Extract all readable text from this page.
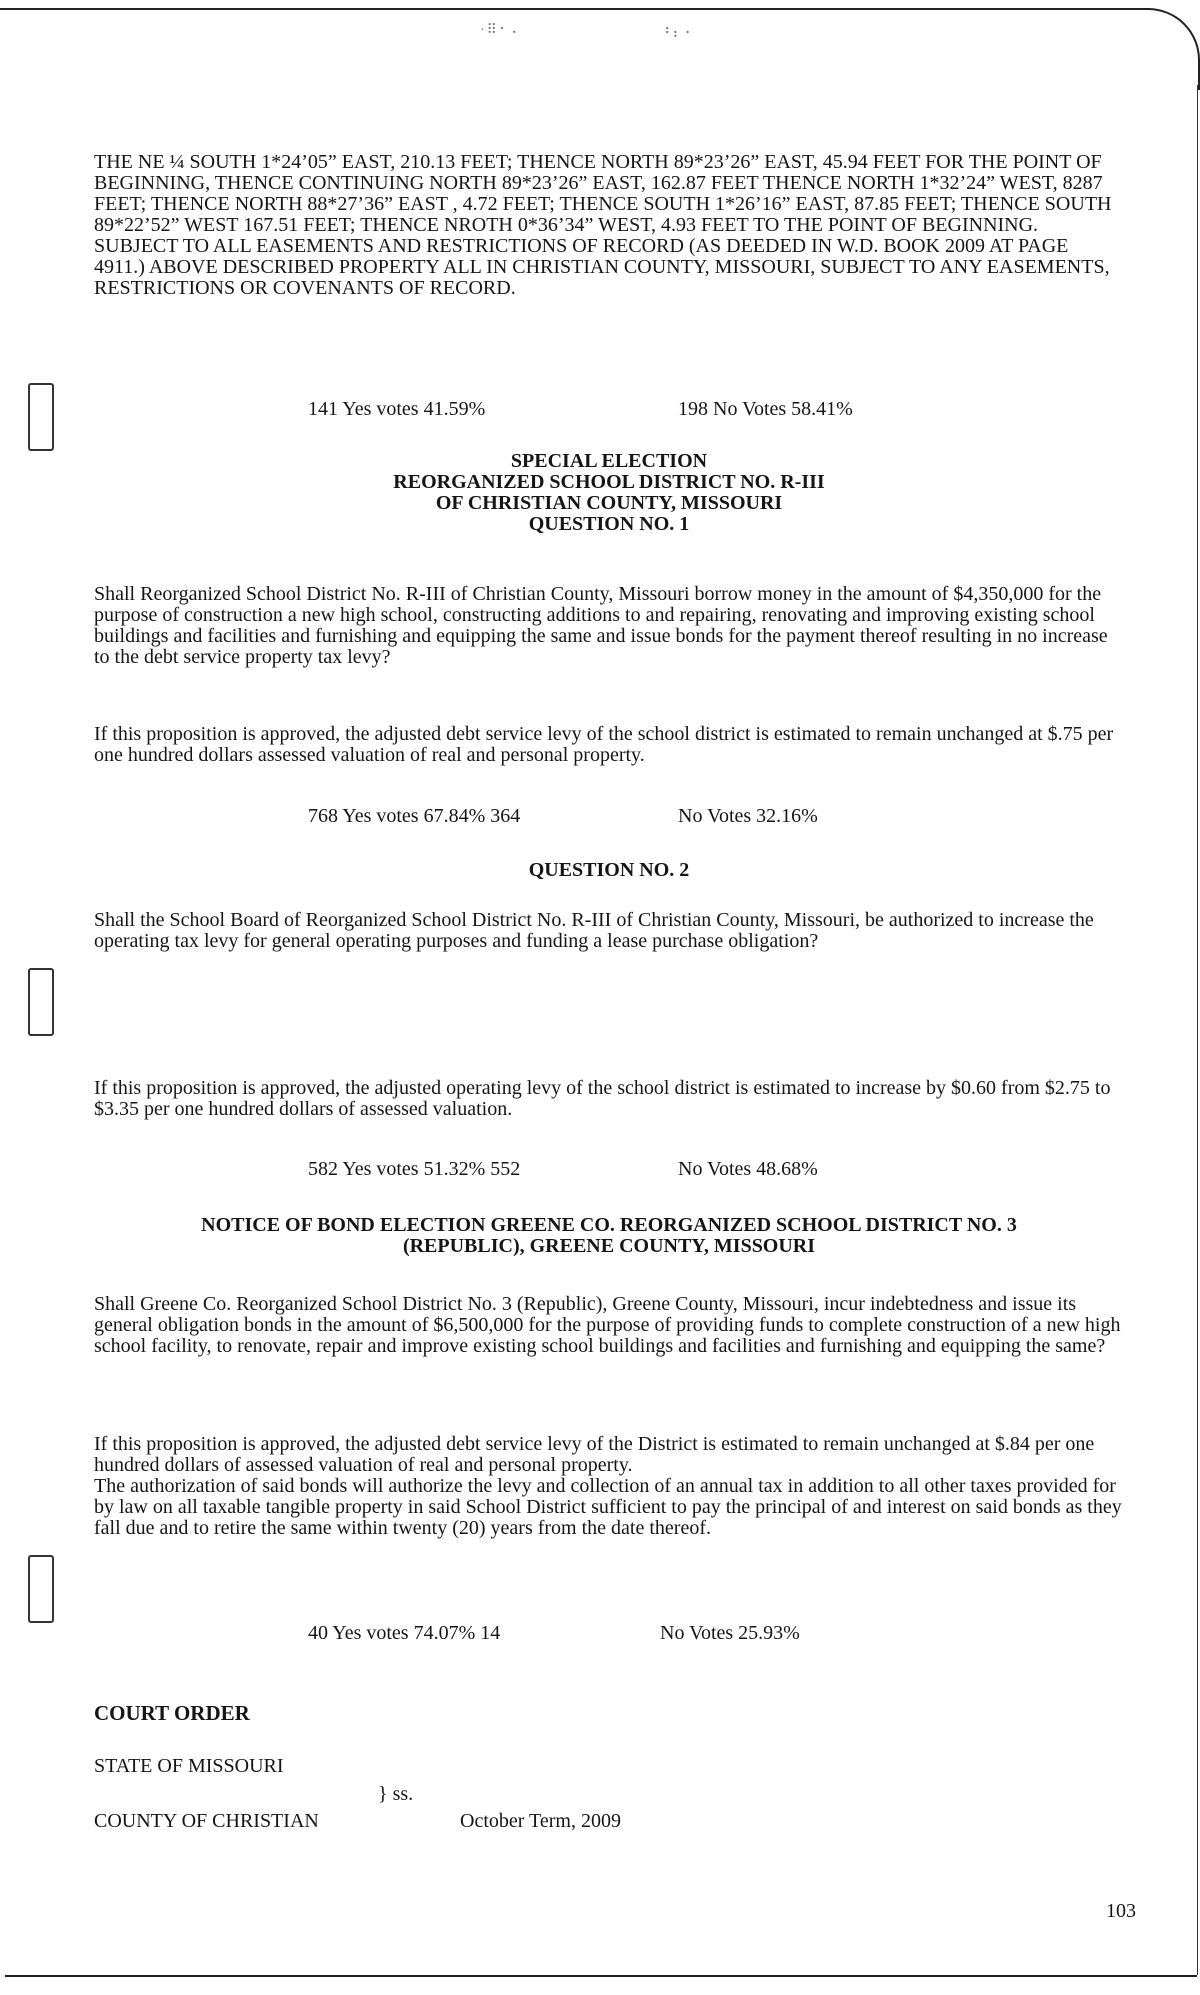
·⠿⠂⠄	⠘⠆⠂

THE NE ¼ SOUTH 1*24’05” EAST, 210.13 FEET; THENCE NORTH 89*23’26” EAST, 45.94 FEET FOR THE POINT OF BEGINNING, THENCE CONTINUING NORTH 89*23’26” EAST, 162.87 FEET THENCE NORTH 1*32’24” WEST, 8287 FEET; THENCE NORTH 88*27’36” EAST , 4.72 FEET; THENCE SOUTH 1*26’16” EAST, 87.85 FEET; THENCE SOUTH 89*22’52” WEST 167.51 FEET; THENCE NROTH 0*36’34” WEST, 4.93 FEET TO THE POINT OF BEGINNING. SUBJECT TO ALL EASEMENTS AND RESTRICTIONS OF RECORD (AS DEEDED IN W.D. BOOK 2009 AT PAGE 4911.) ABOVE DESCRIBED PROPERTY ALL IN CHRISTIAN COUNTY, MISSOURI, SUBJECT TO ANY EASEMENTS, RESTRICTIONS OR COVENANTS OF RECORD.

141 Yes votes 41.59%	198 No Votes 58.41%
SPECIAL ELECTION
REORGANIZED SCHOOL DISTRICT NO. R-III
OF CHRISTIAN COUNTY, MISSOURI
QUESTION NO. 1

Shall Reorganized School District No. R-III of Christian County, Missouri borrow money in the amount of $4,350,000 for the purpose of construction a new high school, constructing additions to and repairing, renovating and improving existing school buildings and facilities and furnishing and equipping the same and issue bonds for the payment thereof resulting in no increase to the debt service property tax levy?

If this proposition is approved, the adjusted debt service levy of the school district is estimated to remain unchanged at $.75 per one hundred dollars assessed valuation of real and personal property.

768 Yes votes 67.84% 364	No Votes 32.16%
QUESTION NO. 2

Shall the School Board of Reorganized School District No. R-III of Christian County, Missouri, be authorized to increase the operating tax levy for general operating purposes and funding a lease purchase obligation?

If this proposition is approved, the adjusted operating levy of the school district is estimated to increase by $0.60 from $2.75 to $3.35 per one hundred dollars of assessed valuation.

582 Yes votes 51.32% 552	No Votes 48.68%
NOTICE OF BOND ELECTION GREENE CO. REORGANIZED SCHOOL DISTRICT NO. 3
(REPUBLIC), GREENE COUNTY, MISSOURI

Shall Greene Co. Reorganized School District No. 3 (Republic), Greene County, Missouri, incur indebtedness and issue its general obligation bonds in the amount of $6,500,000 for the purpose of providing funds to complete construction of a new high school facility, to renovate, repair and improve existing school buildings and facilities and furnishing and equipping the same?

If this proposition is approved, the adjusted debt service levy of the District is estimated to remain unchanged at $.84 per one hundred dollars of assessed valuation of real and personal property.

The authorization of said bonds will authorize the levy and collection of an annual tax in addition to all other taxes provided for by law on all taxable tangible property in said School District sufficient to pay the principal of and interest on said bonds as they fall due and to retire the same within twenty (20) years from the date thereof.

40 Yes votes 74.07% 14	No Votes 25.93%
COURT ORDER
STATE OF MISSOURI
} ss.
COUNTY OF CHRISTIAN	October Term, 2009
103
